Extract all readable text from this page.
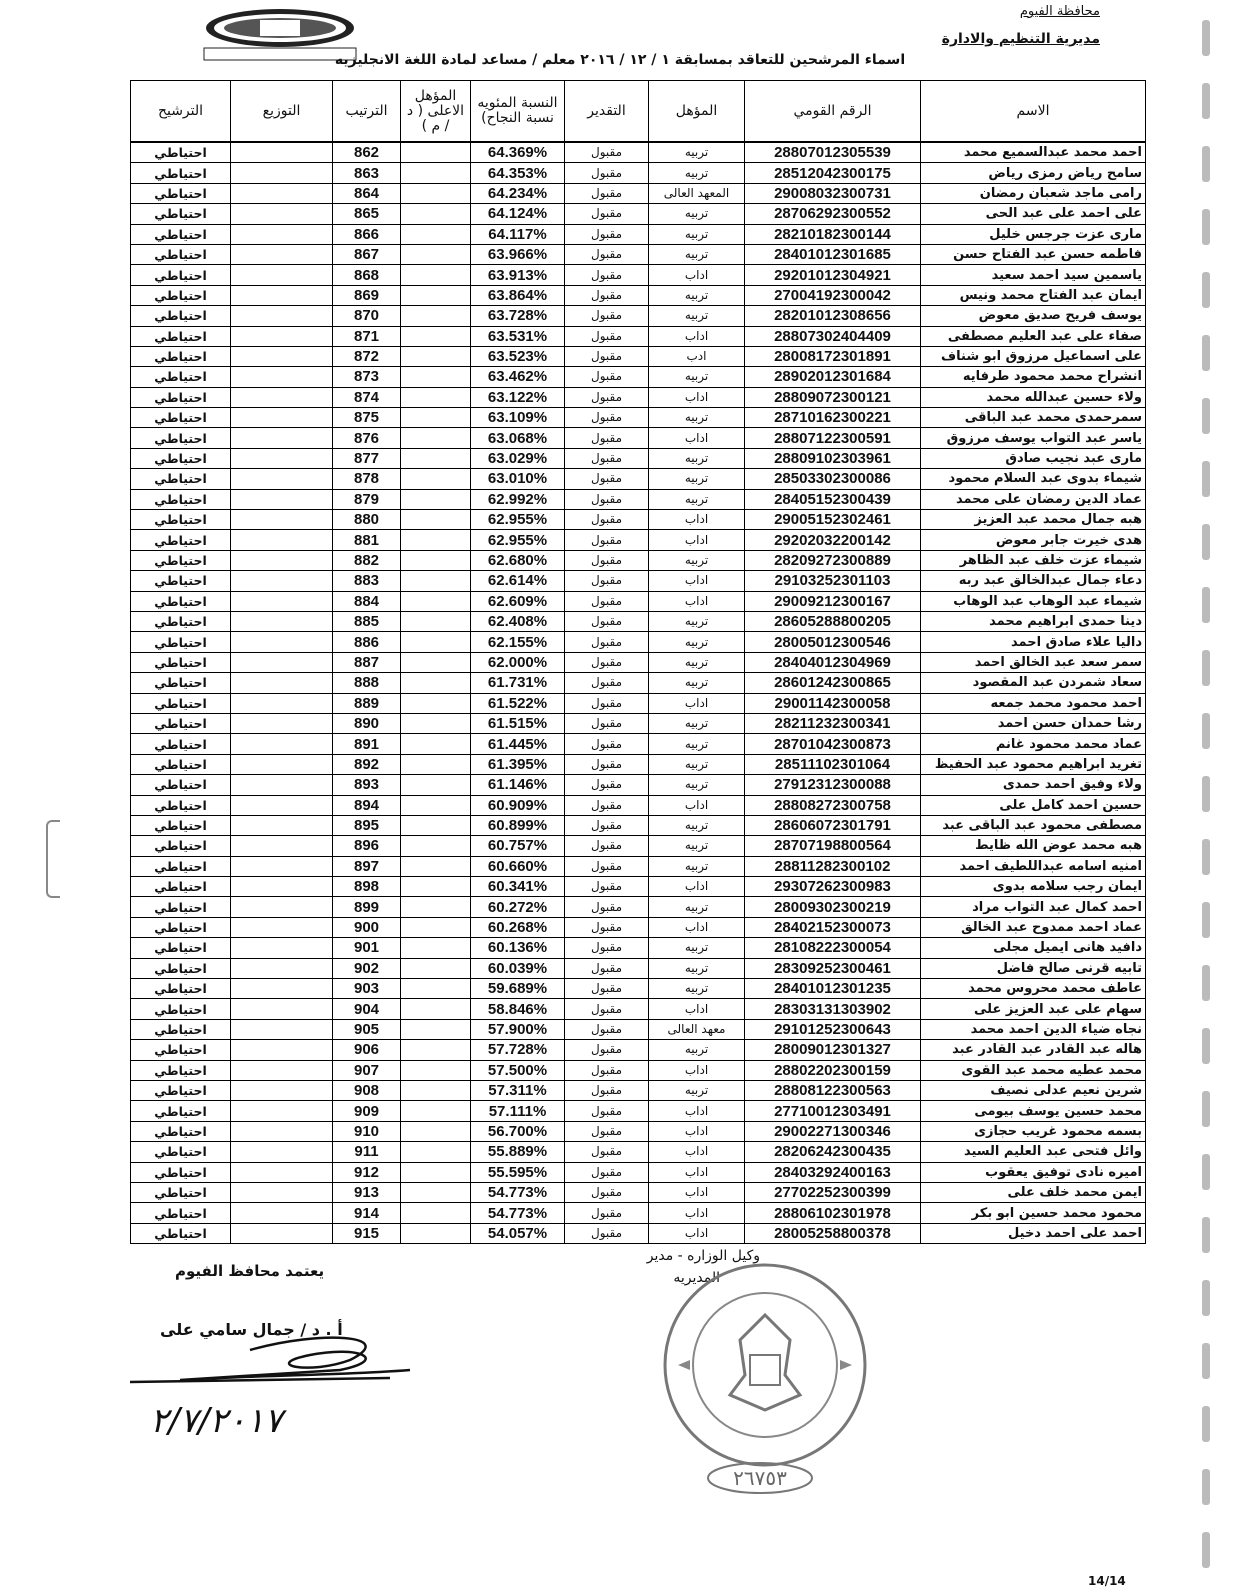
محافظة الفيوم
مديرية التنظيم والادارة
اسماء المرشحين للتعاقد بمسابقة ١ / ١٢ / ٢٠١٦ معلم / مساعد لمادة اللغة الانجليزيه
الاسم	الرقم القومي	المؤهل	التقدير	النسبة المئويه نسبة النجاح)	المؤهل الاعلى ( د / م )	الترتيب	التوزيع	الترشيح
احمد محمد عبدالسميع محمد	28807012305539	تربيه	مقبول	64.369%		862		احتياطي
سامح رياض رمزى رياض	28512042300175	تربيه	مقبول	64.353%		863		احتياطي
رامى ماجد شعبان رمضان	29008032300731	المعهد العالى	مقبول	64.234%		864		احتياطي
على احمد على عبد الحى	28706292300552	تربيه	مقبول	64.124%		865		احتياطي
مارى عزت جرجس خليل	28210182300144	تربيه	مقبول	64.117%		866		احتياطي
فاطمه حسن عبد الفتاح حسن	28401012301685	تربيه	مقبول	63.966%		867		احتياطي
ياسمين سيد احمد سعيد	29201012304921	اداب	مقبول	63.913%		868		احتياطي
ايمان عبد الفتاح محمد ونيس	27004192300042	تربيه	مقبول	63.864%		869		احتياطي
يوسف فريح صديق معوض	28201012308656	تربيه	مقبول	63.728%		870		احتياطي
صفاء على عبد العليم مصطفى	28807302404409	اداب	مقبول	63.531%		871		احتياطي
على اسماعيل مرزوق ابو شناف	28008172301891	ادب	مقبول	63.523%		872		احتياطي
انشراح محمد محمود طرفايه	28902012301684	تربيه	مقبول	63.462%		873		احتياطي
ولاء حسين عبدالله محمد	28809072300121	اداب	مقبول	63.122%		874		احتياطي
سمرحمدى محمد عبد الباقى	28710162300221	تربيه	مقبول	63.109%		875		احتياطي
ياسر عبد التواب يوسف مرزوق	28807122300591	اداب	مقبول	63.068%		876		احتياطي
مارى عبد نجيب صادق	28809102303961	تربيه	مقبول	63.029%		877		احتياطي
شيماء بدوى عبد السلام محمود	28503302300086	تربيه	مقبول	63.010%		878		احتياطي
عماد الدين رمضان على محمد	28405152300439	تربيه	مقبول	62.992%		879		احتياطي
هبه جمال محمد عبد العزيز	29005152302461	اداب	مقبول	62.955%		880		احتياطي
هدى خيرت جابر معوض	29202032200142	اداب	مقبول	62.955%		881		احتياطي
شيماء عزت خلف عبد الظاهر	28209272300889	تربيه	مقبول	62.680%		882		احتياطي
دعاء جمال عبدالخالق عبد ربه	29103252301103	اداب	مقبول	62.614%		883		احتياطي
شيماء عبد الوهاب عبد الوهاب	29009212300167	اداب	مقبول	62.609%		884		احتياطي
دينا حمدى ابراهيم محمد	28605288800205	تربيه	مقبول	62.408%		885		احتياطي
داليا علاء صادق احمد	28005012300546	تربيه	مقبول	62.155%		886		احتياطي
سمر سعد عبد الخالق احمد	28404012304969	تربيه	مقبول	62.000%		887		احتياطي
سعاد شمردن عبد المقصود	28601242300865	تربيه	مقبول	61.731%		888		احتياطي
احمد محمود محمد جمعه	29001142300058	اداب	مقبول	61.522%		889		احتياطي
رشا حمدان حسن احمد	28211232300341	تربيه	مقبول	61.515%		890		احتياطي
عماد محمد محمود غانم	28701042300873	تربيه	مقبول	61.445%		891		احتياطي
تغريد ابراهيم محمود عبد الحفيظ	28511102301064	تربيه	مقبول	61.395%		892		احتياطي
ولاء وفيق احمد حمدى	27912312300088	تربيه	مقبول	61.146%		893		احتياطي
حسين احمد كامل على	28808272300758	اداب	مقبول	60.909%		894		احتياطي
مصطفى محمود عبد الباقى عبد	28606072301791	تربيه	مقبول	60.899%		895		احتياطي
هبه محمد عوض الله ظايط	28707198800564	تربيه	مقبول	60.757%		896		احتياطي
امنيه اسامه عبداللطيف احمد	28811282300102	تربيه	مقبول	60.660%		897		احتياطي
ايمان رجب سلامه بدوى	29307262300983	اداب	مقبول	60.341%		898		احتياطي
احمد كمال عبد التواب مراد	28009302300219	تربيه	مقبول	60.272%		899		احتياطي
عماد احمد ممدوح عبد الخالق	28402152300073	اداب	مقبول	60.268%		900		احتياطي
دافيد هانى ايميل مجلى	28108222300054	تربيه	مقبول	60.136%		901		احتياطي
تابيه قرنى صالح فاضل	28309252300461	تربيه	مقبول	60.039%		902		احتياطي
عاطف محمد محروس محمد	28401012301235	تربيه	مقبول	59.689%		903		احتياطي
سهام على عبد العزيز على	28303131303902	اداب	مقبول	58.846%		904		احتياطي
نجاه ضياء الدين احمد محمد	29101252300643	معهد العالى	مقبول	57.900%		905		احتياطي
هاله عبد القادر عبد القادر عبد	28009012301327	تربيه	مقبول	57.728%		906		احتياطي
محمد عطيه محمد عبد القوى	28802202300159	اداب	مقبول	57.500%		907		احتياطي
شرين نعيم عدلى نصيف	28808122300563	تربيه	مقبول	57.311%		908		احتياطي
محمد حسين يوسف بيومى	27710012303491	اداب	مقبول	57.111%		909		احتياطي
بسمه محمود غريب حجازى	29002271300346	اداب	مقبول	56.700%		910		احتياطي
وائل فتحى عبد العليم السيد	28206242300435	اداب	مقبول	55.889%		911		احتياطي
اميره نادى توفيق يعقوب	28403292400163	اداب	مقبول	55.595%		912		احتياطي
ايمن محمد خلف على	27702252300399	اداب	مقبول	54.773%		913		احتياطي
محمود محمد حسين ابو بكر	28806102301978	اداب	مقبول	54.773%		914		احتياطي
احمد على احمد دخيل	28005258800378	اداب	مقبول	54.057%		915		احتياطي
وكيل الوزاره - مدير
المديريه
يعتمد محافظ الفيوم
أ . د / جمال سامي على
٢/٧/٢٠١٧
٢٦٧٥٣
14/14
